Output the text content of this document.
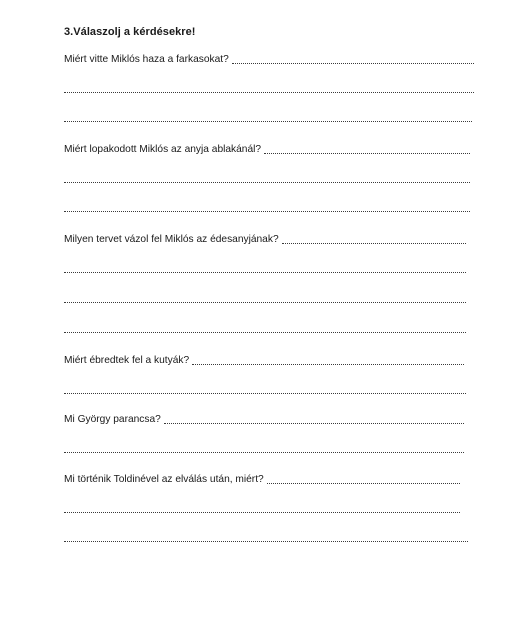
3.Válaszolj a kérdésekre!
Miért vitte Miklós haza a farkasokat?
Miért lopakodott Miklós az anyja ablakánál?
Milyen tervet vázol fel Miklós az édesanyjának?
Miért ébredtek fel a kutyák?
Mi György parancsa?
Mi történik Toldinével az elválás után, miért?
